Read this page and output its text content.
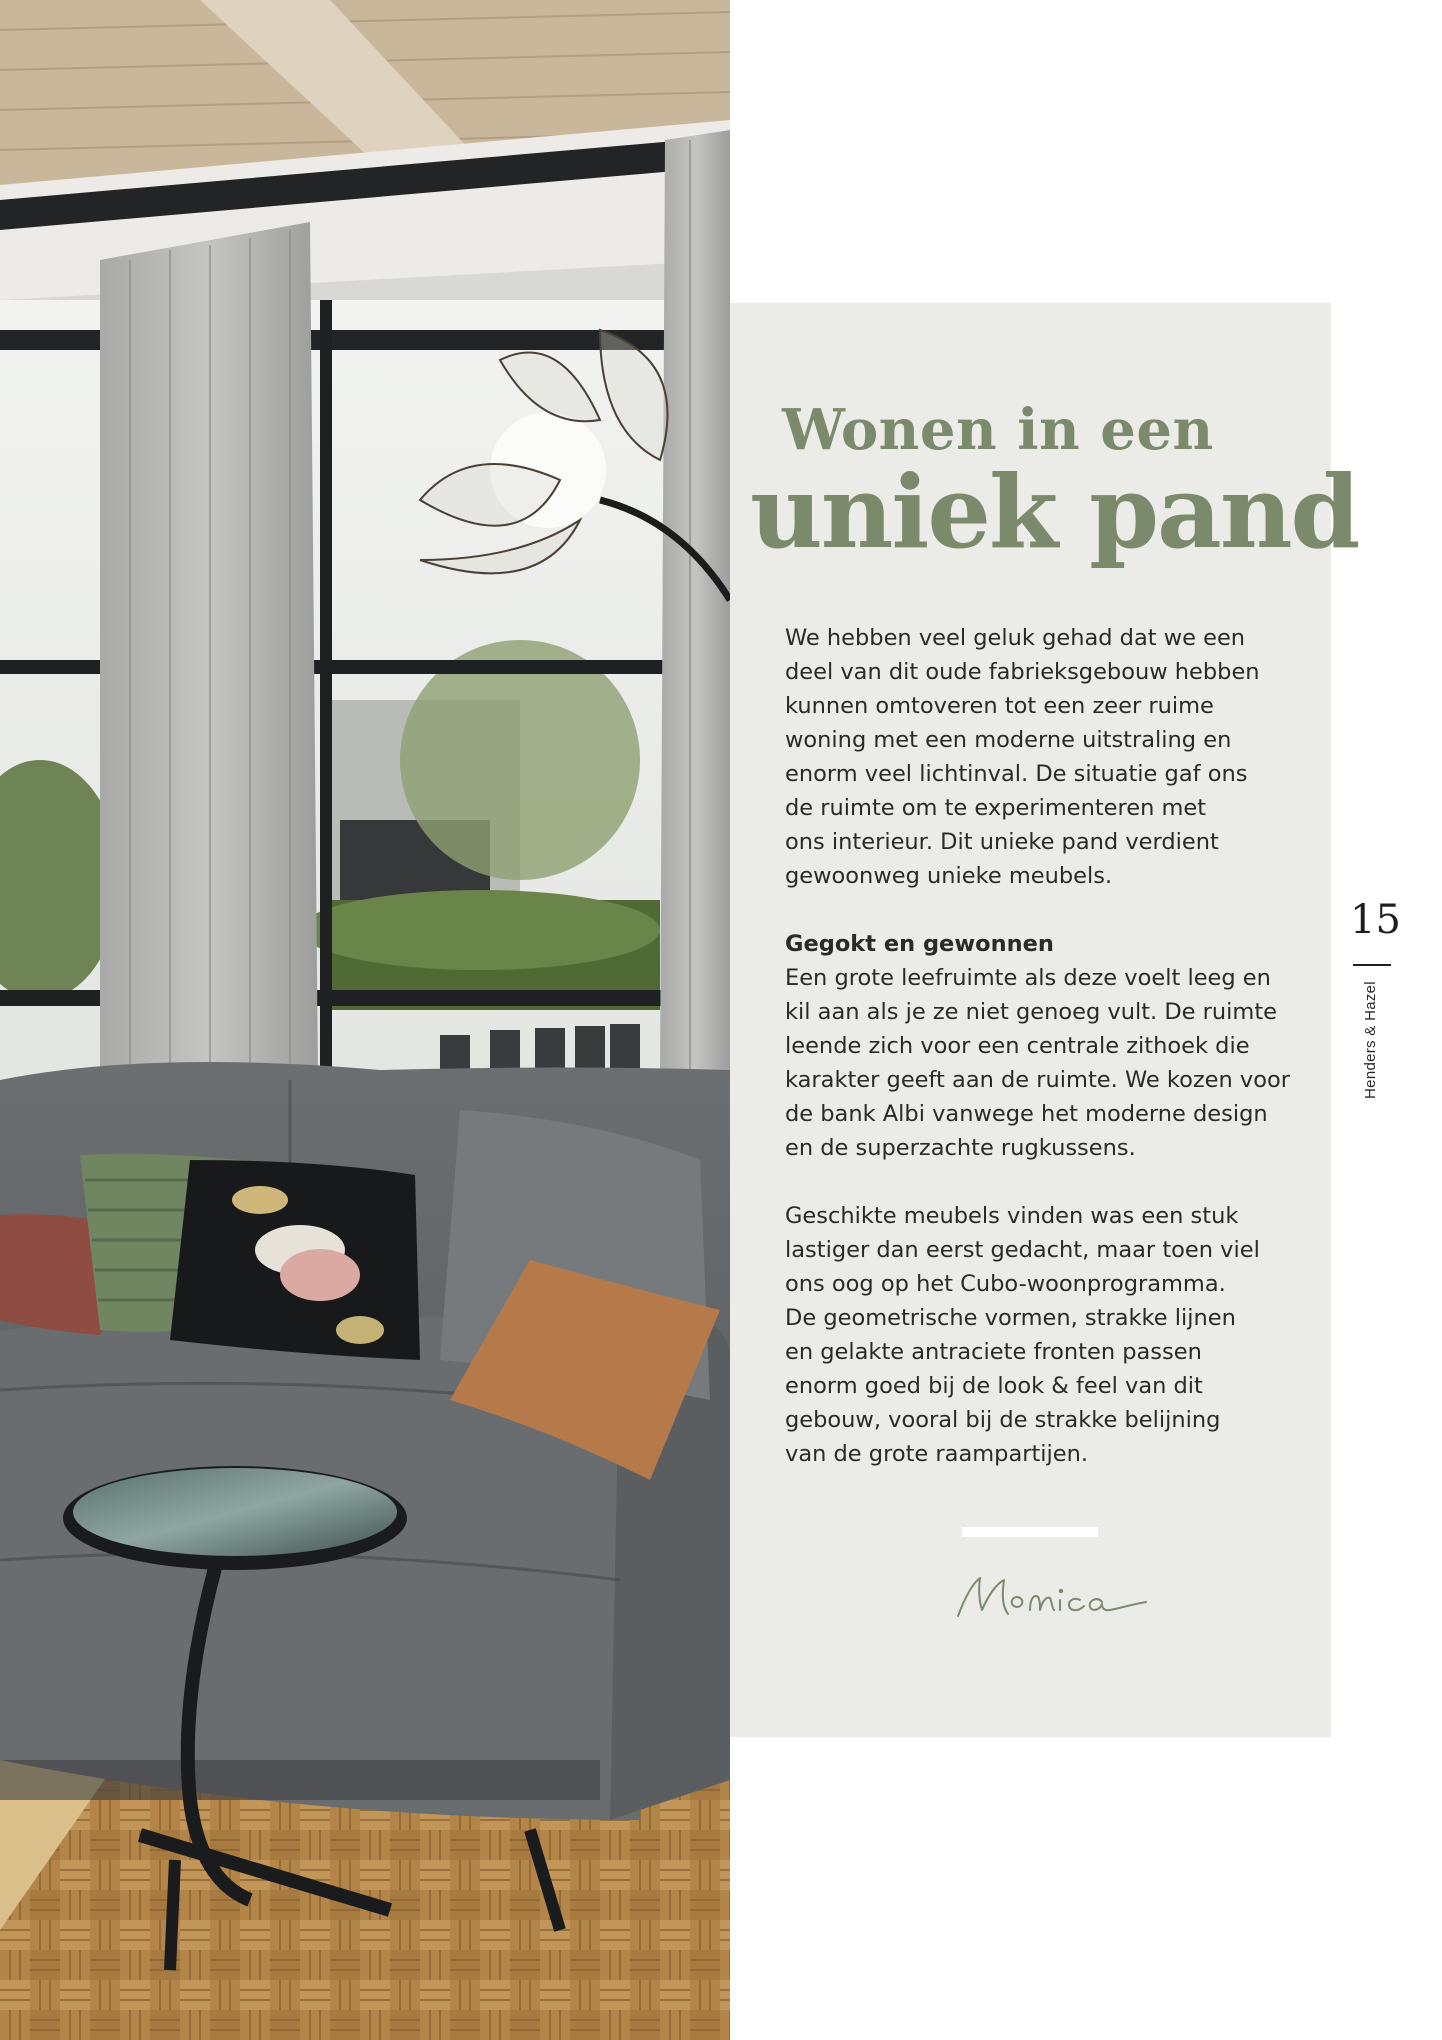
Wonen in een
uniek pand
We hebben veel geluk gehad dat we een
deel van dit oude fabrieksgebouw hebben
kunnen omtoveren tot een zeer ruime
woning met een moderne uitstraling en
enorm veel lichtinval. De situatie gaf ons
de ruimte om te experimenteren met
ons interieur. Dit unieke pand verdient
gewoonweg unieke meubels.
Gegokt en gewonnen
Een grote leefruimte als deze voelt leeg en
kil aan als je ze niet genoeg vult. De ruimte
leende zich voor een centrale zithoek die
karakter geeft aan de ruimte. We kozen voor
de bank Albi vanwege het moderne design
en de superzachte rugkussens.
Geschikte meubels vinden was een stuk
lastiger dan eerst gedacht, maar toen viel
ons oog op het Cubo-woonprogramma.
De geometrische vormen, strakke lijnen
en gelakte antraciete fronten passen
enorm goed bij de look & feel van dit
gebouw, vooral bij de strakke belijning
van de grote raampartijen.
15
Henders & Hazel
